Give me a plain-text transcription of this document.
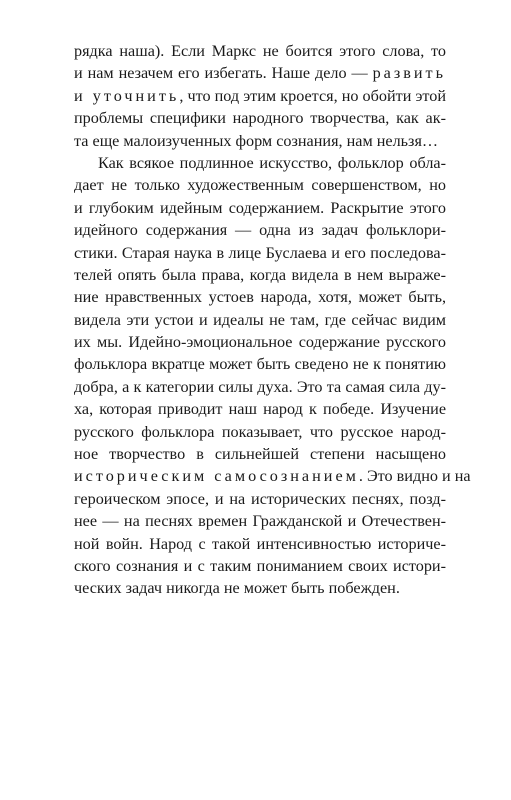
рядка наша). Если Маркс не боится этого слова, то
и нам незачем его избегать. Наше дело — развить
и уточнить, что под этим кроется, но обойти этой
проблемы специфики народного творчества, как ак-
та еще малоизученных форм сознания, нам нельзя…
Как всякое подлинное искусство, фольклор обла-
дает не только художественным совершенством, но
и глубоким идейным содержанием. Раскрытие этого
идейного содержания — одна из задач фольклори-
стики. Старая наука в лице Буслаева и его последова-
телей опять была права, когда видела в нем выраже-
ние нравственных устоев народа, хотя, может быть,
видела эти устои и идеалы не там, где сейчас видим
их мы. Идейно-эмоциональное содержание русского
фольклора вкратце может быть сведено не к понятию
добра, а к категории силы духа. Это та самая сила ду-
ха, которая приводит наш народ к победе. Изучение
русского фольклора показывает, что русское народ-
ное творчество в сильнейшей степени насыщено
историческим самосознанием. Это видно и на
героическом эпосе, и на исторических песнях, позд-
нее — на песнях времен Гражданской и Отечествен-
ной войн. Народ с такой интенсивностью историче-
ского сознания и с таким пониманием своих истори-
ческих задач никогда не может быть побежден.
